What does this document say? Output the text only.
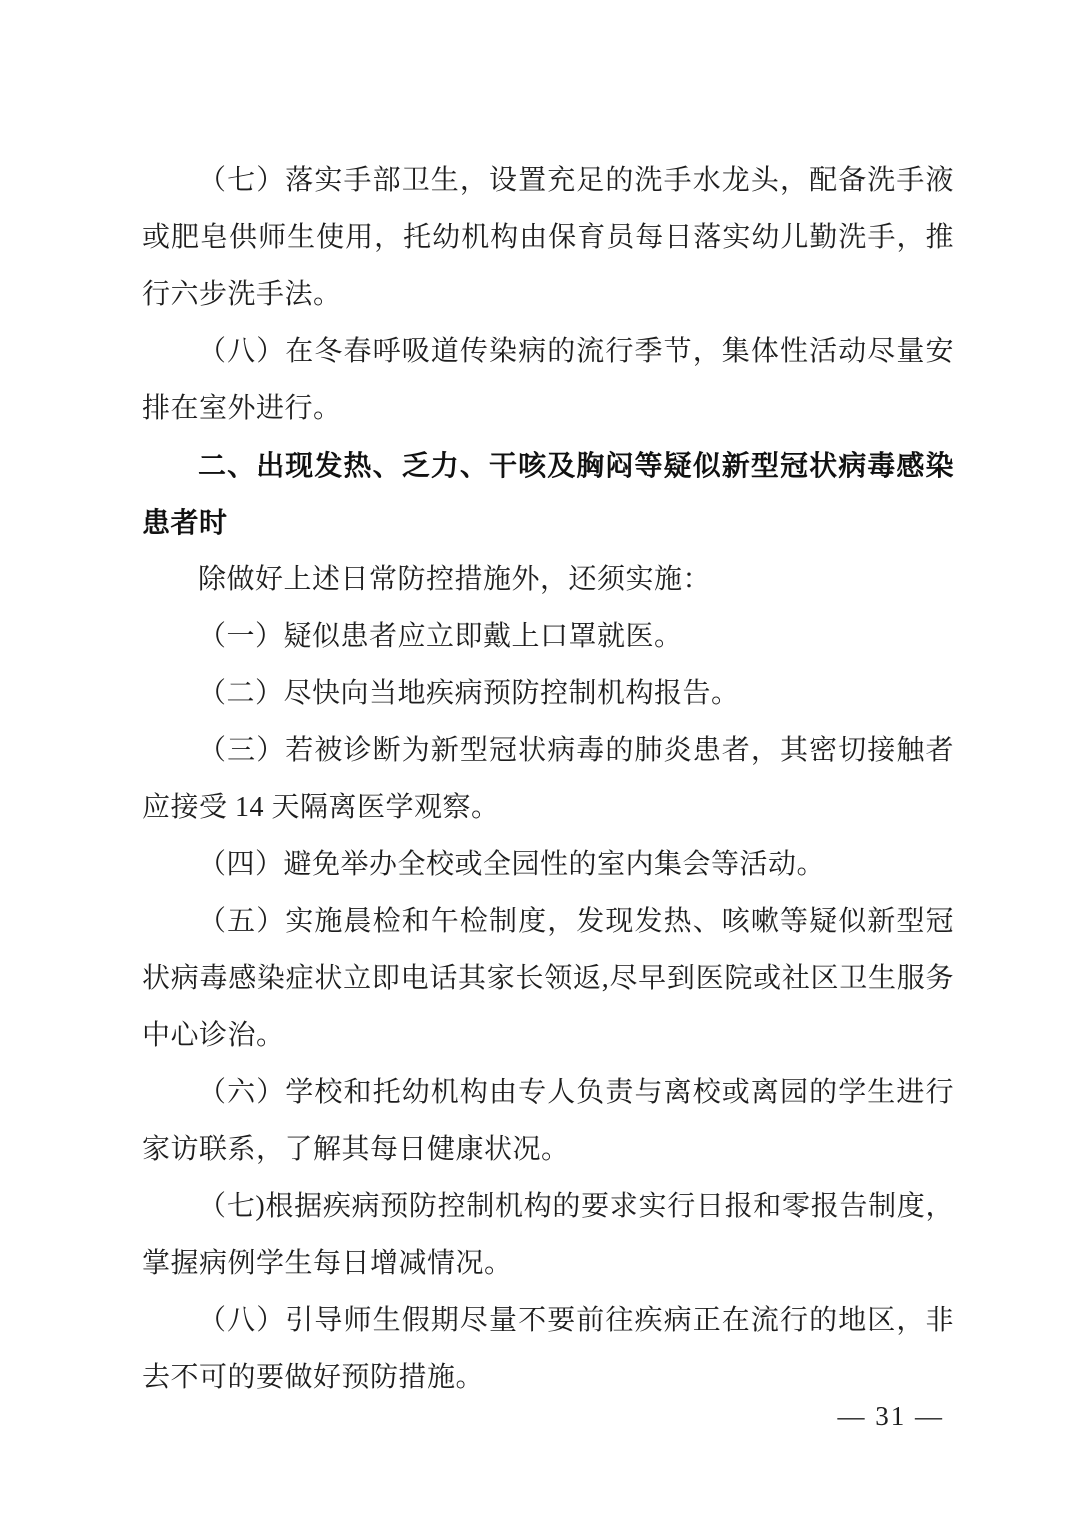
（七）落实手部卫生，设置充足的洗手水龙头，配备洗手液或肥皂供师生使用，托幼机构由保育员每日落实幼儿勤洗手，推行六步洗手法。

（八）在冬春呼吸道传染病的流行季节，集体性活动尽量安排在室外进行。

二、出现发热、乏力、干咳及胸闷等疑似新型冠状病毒感染患者时

除做好上述日常防控措施外，还须实施：

（一）疑似患者应立即戴上口罩就医。

（二）尽快向当地疾病预防控制机构报告。

（三）若被诊断为新型冠状病毒的肺炎患者，其密切接触者应接受 14 天隔离医学观察。

（四）避免举办全校或全园性的室内集会等活动。

（五）实施晨检和午检制度，发现发热、咳嗽等疑似新型冠状病毒感染症状立即电话其家长领返,尽早到医院或社区卫生服务中心诊治。

（六）学校和托幼机构由专人负责与离校或离园的学生进行家访联系，了解其每日健康状况。

（七)根据疾病预防控制机构的要求实行日报和零报告制度，掌握病例学生每日增减情况。

（八）引导师生假期尽量不要前往疾病正在流行的地区，非去不可的要做好预防措施。

— 31 —
